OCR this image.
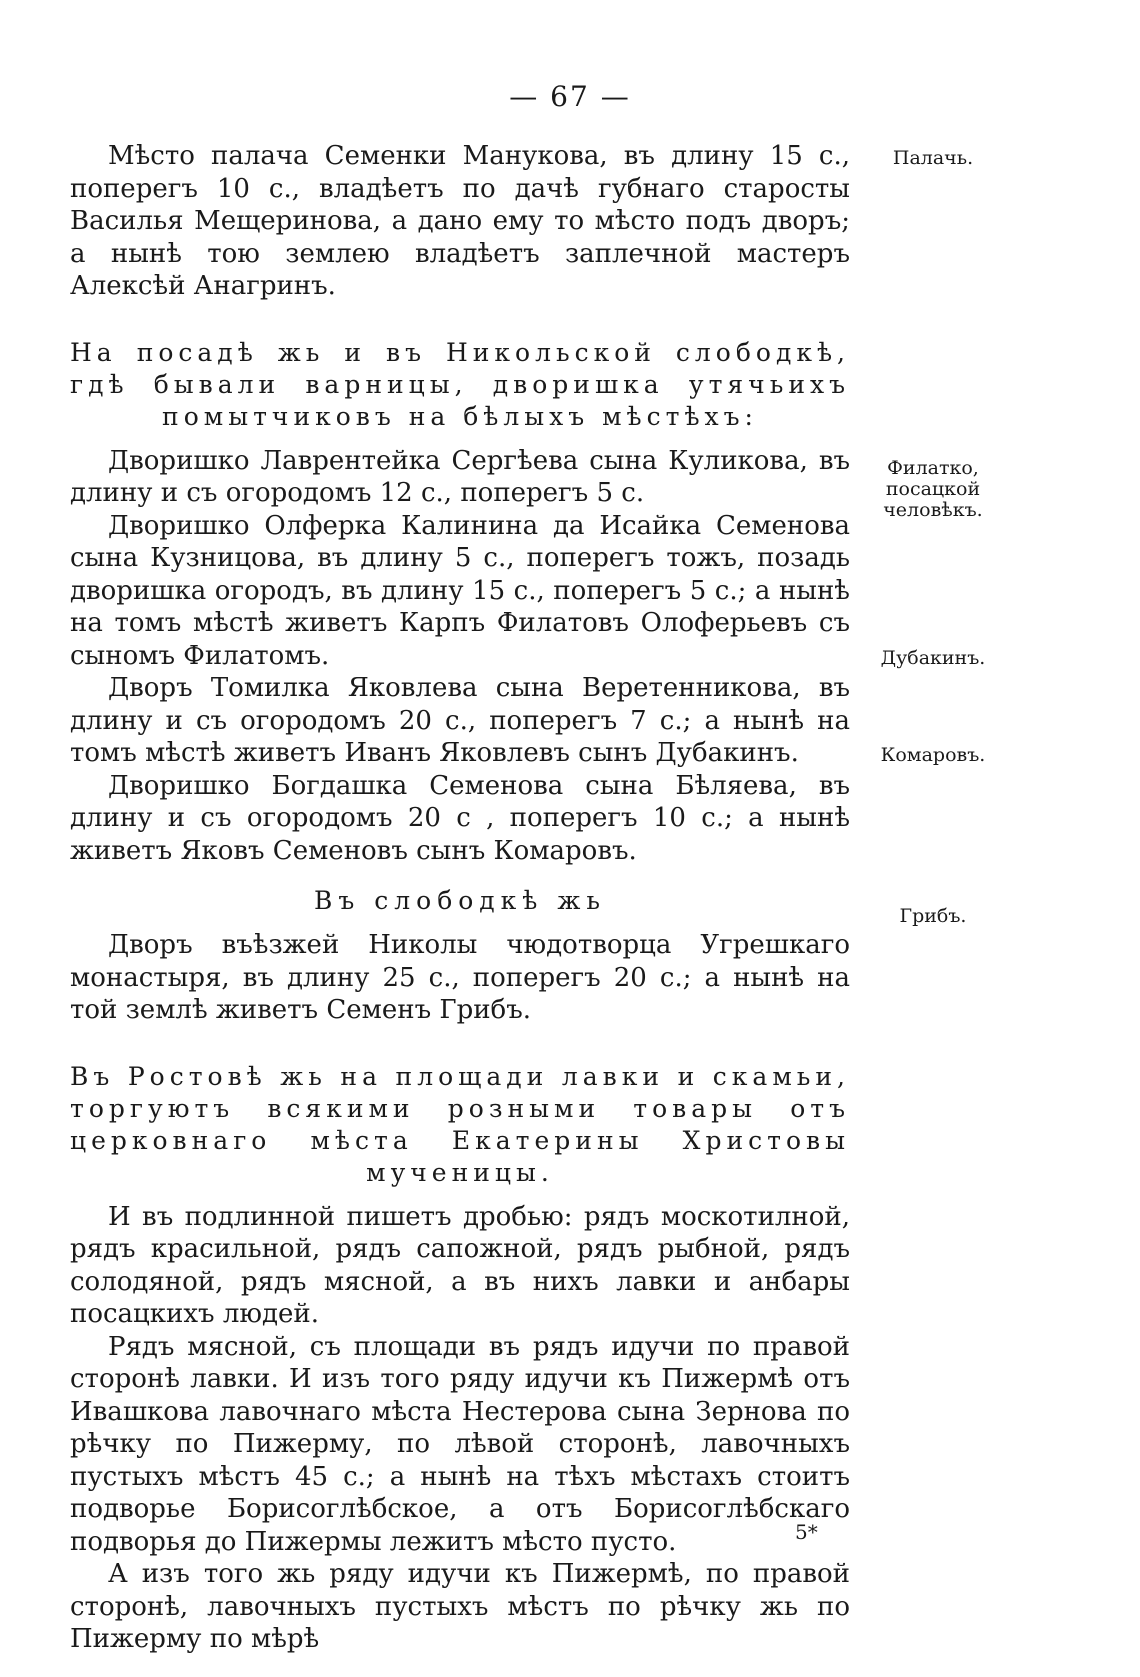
— 67 —

Мѣсто палача Семенки Манукова, въ длину 15 с., поперегъ 10 с., владѣетъ по дачѣ губнаго старосты Василья Мещеринова, а дано ему то мѣсто подъ дворъ; а нынѣ тою землею владѣетъ заплечной мастеръ Алексѣй Анагринъ.

На посадѣ жь и въ Никольской слободкѣ, гдѣ бывали варницы, дворишка утячьихъ помытчиковъ на бѣлыхъ мѣстѣхъ:

Дворишко Лаврентейка Сергѣева сына Куликова, въ длину и съ огородомъ 12 с., поперегъ 5 с.

Дворишко Олферка Калинина да Исайка Семенова сына Кузницова, въ длину 5 с., поперегъ тожъ, позадь дворишка огородъ, въ длину 15 с., поперегъ 5 с.; а нынѣ на томъ мѣстѣ живетъ Карпъ Филатовъ Олоферьевъ съ сыномъ Филатомъ.

Дворъ Томилка Яковлева сына Веретенникова, въ длину и съ огородомъ 20 с., поперегъ 7 с.; а нынѣ на томъ мѣстѣ живетъ Иванъ Яковлевъ сынъ Дубакинъ.

Дворишко Богдашка Семенова сына Бѣляева, въ длину и съ огородомъ 20 с , поперегъ 10 с.; а нынѣ живетъ Яковъ Семеновъ сынъ Комаровъ.

Въ слободкѣ жь

Дворъ въѣзжей Николы чюдотворца Угрешкаго монастыря, въ длину 25 с., поперегъ 20 с.; а нынѣ на той землѣ живетъ Семенъ Грибъ.

Въ Ростовѣ жь на площади лавки и скамьи, торгуютъ всякими розными товары отъ церковнаго мѣста Екатерины Христовы мученицы.

И въ подлинной пишетъ дробью: рядъ москотилной, рядъ красильной, рядъ сапожной, рядъ рыбной, рядъ солодяной, рядъ мясной, а въ нихъ лавки и анбары посацкихъ людей.

Рядъ мясной, съ площади въ рядъ идучи по правой сторонѣ лавки. И изъ того ряду идучи къ Пижермѣ отъ Ивашкова лавочнаго мѣста Нестерова сына Зернова по рѣчку по Пижерму, по лѣвой сторонѣ, лавочныхъ пустыхъ мѣстъ 45 с.; а нынѣ на тѣхъ мѣстахъ стоитъ подворье Борисоглѣбское, а отъ Борисоглѣбскаго подворья до Пижермы лежитъ мѣсто пусто.

А изъ того жь ряду идучи къ Пижермѣ, по правой сторонѣ, лавочныхъ пустыхъ мѣстъ по рѣчку жь по Пижерму по мѣрѣ

Палачь.
Филатко, посацкой человѣкъ.
Дубакинъ.
Комаровъ.
Грибъ.
5*
